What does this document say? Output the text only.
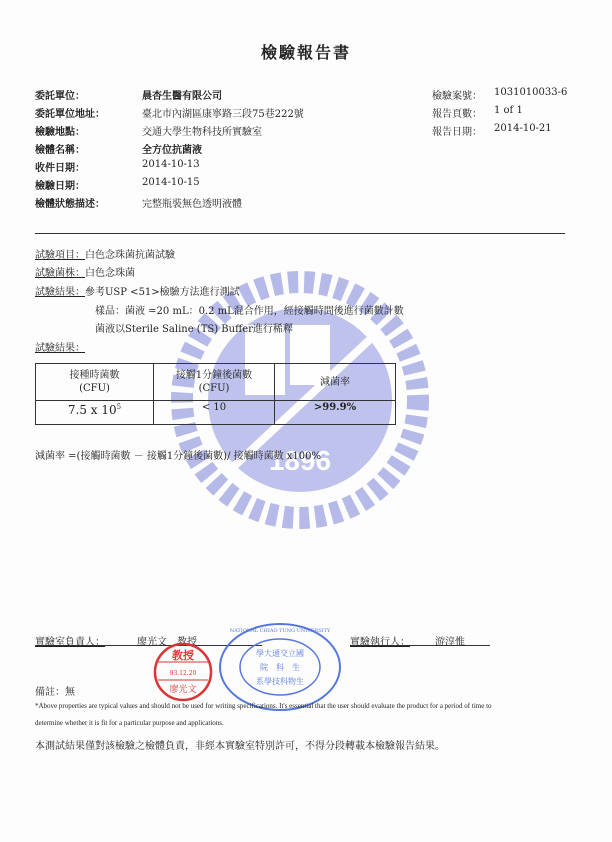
1896
檢驗報告書
委託單位：	晨杏生醫有限公司
委託單位地址：	臺北市內湖區康寧路三段75巷222號
檢驗地點：	交通大學生物科技所實驗室
檢體名稱：	全方位抗菌液
收件日期：	2014-10-13
檢驗日期：	2014-10-15
檢體狀態描述：	完整瓶裝無色透明液體
檢驗案號： 1031010033-6
報告頁數： 1 of 1
報告日期： 2014-10-21
試驗項目：白色念珠菌抗菌試驗
試驗菌株：白色念珠菌
試驗結果：參考USP <51>檢驗方法進行測試
樣品：菌液 =20 mL：0.2 mL混合作用，經接觸時間後進行菌數計數
菌液以Sterile Saline (TS) Buffer進行稀釋
試驗結果：
接種時菌數
(CFU)	接觸1分鐘後菌數
(CFU)	減菌率
7.5 x $10^5$	< 10	>99.9%
減菌率 =(接觸時菌數 － 接觸1分鐘後菌數)/ 接觸時菌數 x100%
實驗室負責人：	廖光文　教授	實驗執行人：	游淳惟
教授
93.12.20
廖光文
NATIONAL CHIAO TUNG UNIVERSITY
學大通交立國
院　科　生
系學技科物生
備註：無
*Above properties are typical values and should not be used for writing specifications. It's essential that the user should evaluate the product for a period of time to
determine whether it is fit for a particular purpose and applications.
本測試結果僅對該檢驗之檢體負責，非經本實驗室特別許可，不得分段轉載本檢驗報告結果。
